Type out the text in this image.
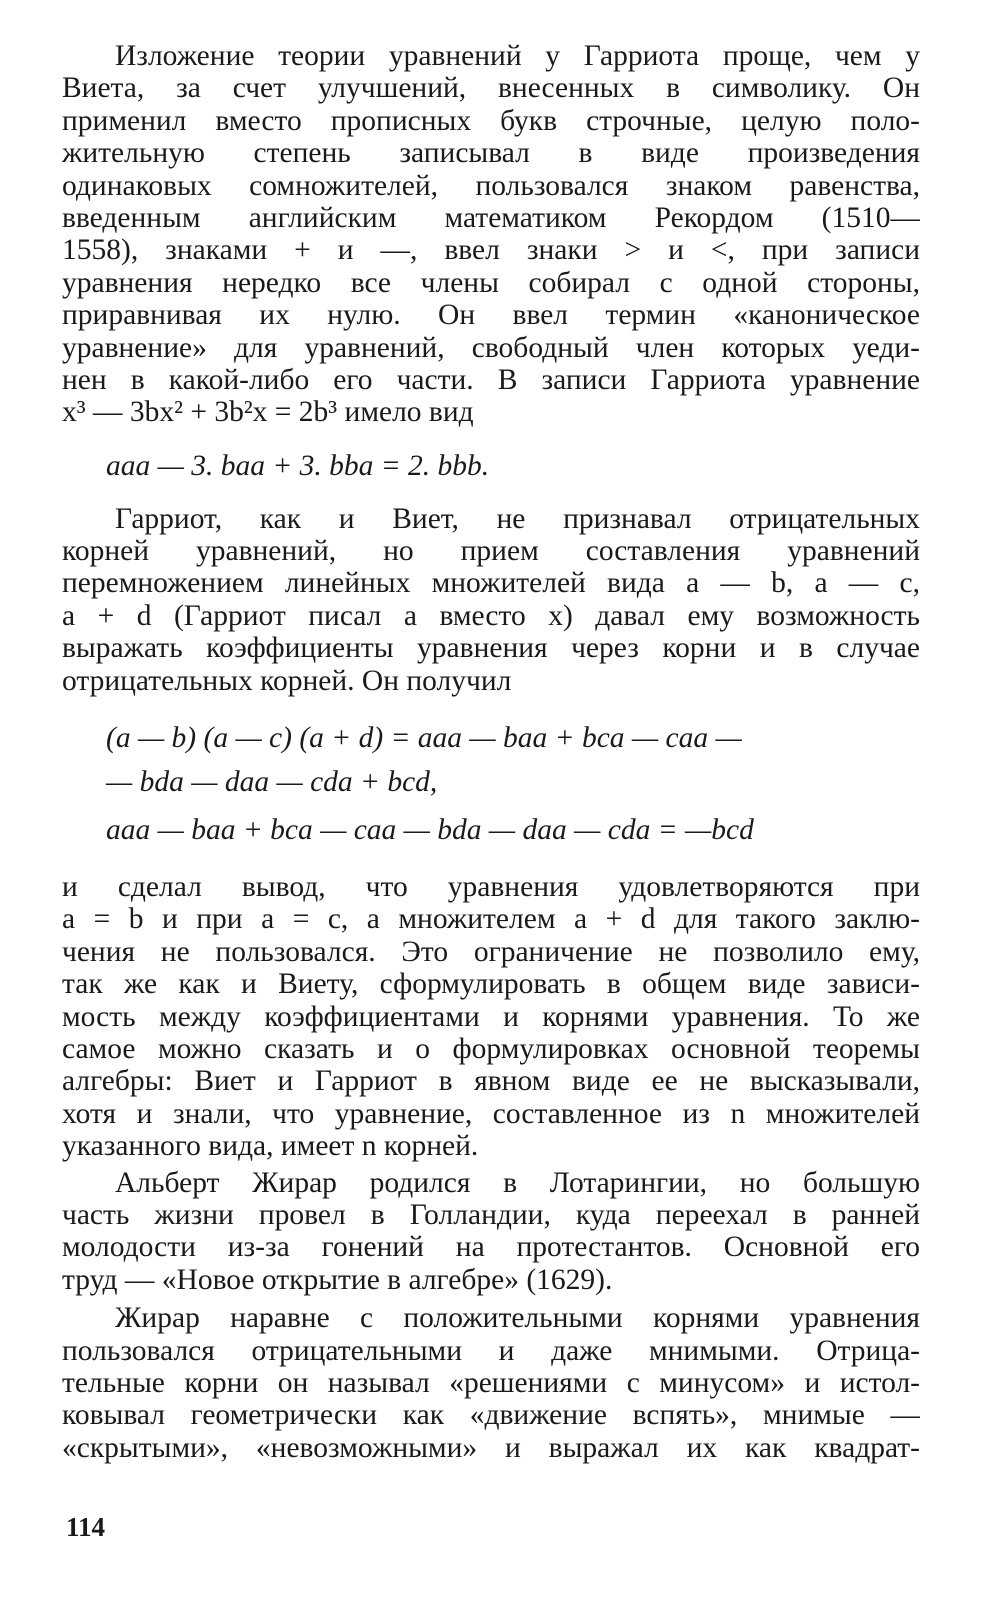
Изложение теории уравнений у Гарриота проще, чем у
Виета, за счет улучшений, внесенных в символику. Он
применил вместо прописных букв строчные, целую поло-
жительную степень записывал в виде произведения
одинаковых сомножителей, пользовался знаком равенства,
введенным английским математиком Рекордом (1510—
1558), знаками + и —, ввел знаки > и <, при записи
уравнения нередко все члены собирал с одной стороны,
приравнивая их нулю. Он ввел термин «каноническое
уравнение» для уравнений, свободный член которых уеди-
нен в какой-либо его части. В записи Гарриота уравнение
x³ — 3bx² + 3b²x = 2b³ имело вид
aaa — 3. baa + 3. bba = 2. bbb.
Гарриот, как и Виет, не признавал отрицательных
корней уравнений, но прием составления уравнений
перемножением линейных множителей вида a — b, a — c,
a + d (Гарриот писал a вместо x) давал ему возможность
выражать коэффициенты уравнения через корни и в случае
отрицательных корней. Он получил
(a — b) (a — c) (a + d) = aaa — baa + bca — caa —
— bda — daa — cda + bcd,
aaa — baa + bca — caa — bda — daa — cda = —bcd
и сделал вывод, что уравнения удовлетворяются при
a = b и при a = c, а множителем a + d для такого заклю-
чения не пользовался. Это ограничение не позволило ему,
так же как и Виету, сформулировать в общем виде зависи-
мость между коэффициентами и корнями уравнения. То же
самое можно сказать и о формулировках основной теоремы
алгебры: Виет и Гарриот в явном виде ее не высказывали,
хотя и знали, что уравнение, составленное из n множителей
указанного вида, имеет n корней.
Альберт Жирар родился в Лотарингии, но большую
часть жизни провел в Голландии, куда переехал в ранней
молодости из-за гонений на протестантов. Основной его
труд — «Новое открытие в алгебре» (1629).
Жирар наравне с положительными корнями уравнения
пользовался отрицательными и даже мнимыми. Отрица-
тельные корни он называл «решениями с минусом» и истол-
ковывал геометрически как «движение вспять», мнимые —
«скрытыми», «невозможными» и выражал их как квадрат-
114
